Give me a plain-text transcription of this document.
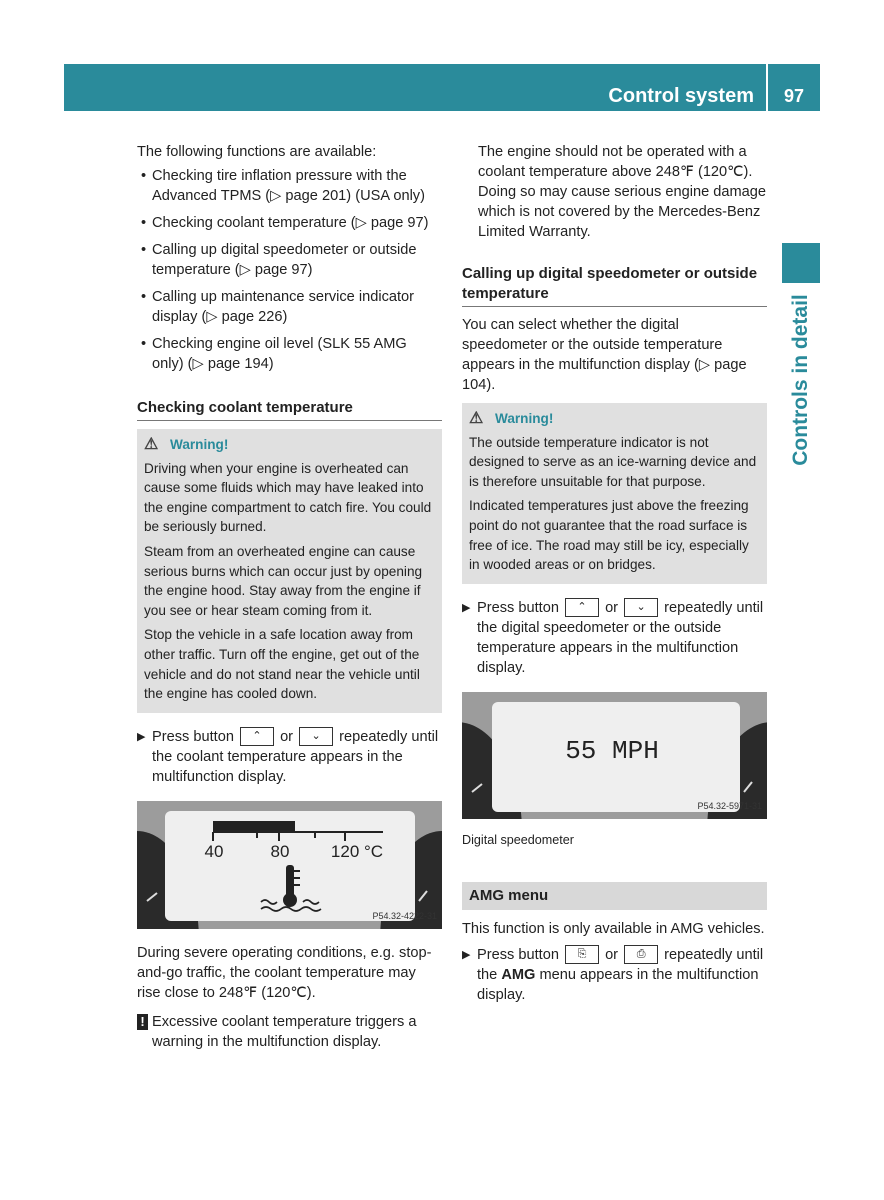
Control system	97
Controls in detail

The following functions are available:

• Checking tire inflation pressure with the Advanced TPMS (▷ page 201) (USA only)
• Checking coolant temperature (▷ page 97)
• Calling up digital speedometer or outside temperature (▷ page 97)
• Calling up maintenance service indicator display (▷ page 226)
• Checking engine oil level (SLK 55 AMG only) (▷ page 194)
Checking coolant temperature
⚠ Warning!

Driving when your engine is overheated can cause some fluids which may have leaked into the engine compartment to catch fire. You could be seriously burned.

Steam from an overheated engine can cause serious burns which can occur just by opening the engine hood. Stay away from the engine if you see or hear steam coming from it.

Stop the vehicle in a safe location away from other traffic. Turn off the engine, get out of the vehicle and do not stand near the vehicle until the engine has cooled down.

▶ Press button ⌃ or ⌄ repeatedly until the coolant temperature appears in the multifunction display.
40	80 120 °C
P54.32-4222-31

During severe operating conditions, e.g. stop-and-go traffic, the coolant temperature may rise close to 248℉ (120℃).

! Excessive coolant temperature triggers a warning in the multifunction display.

The engine should not be operated with a coolant temperature above 248℉ (120℃). Doing so may cause serious engine damage which is not covered by the Mercedes-Benz Limited Warranty.

Calling up digital speedometer or outside temperature

You can select whether the digital speedometer or the outside temperature appears in the multifunction display (▷ page 104).

⚠ Warning!

The outside temperature indicator is not designed to serve as an ice-warning device and is therefore unsuitable for that purpose.

Indicated temperatures just above the freezing point do not guarantee that the road surface is free of ice. The road may still be icy, especially in wooded areas or on bridges.

▶ Press button ⌃ or ⌄ repeatedly until the digital speedometer or the outside temperature appears in the multifunction display.
55 MPH
P54.32-5971-31
Digital speedometer
AMG menu

This function is only available in AMG vehicles.

▶ Press button ⎘ or ⎙ repeatedly until the AMG menu appears in the multifunction display.
